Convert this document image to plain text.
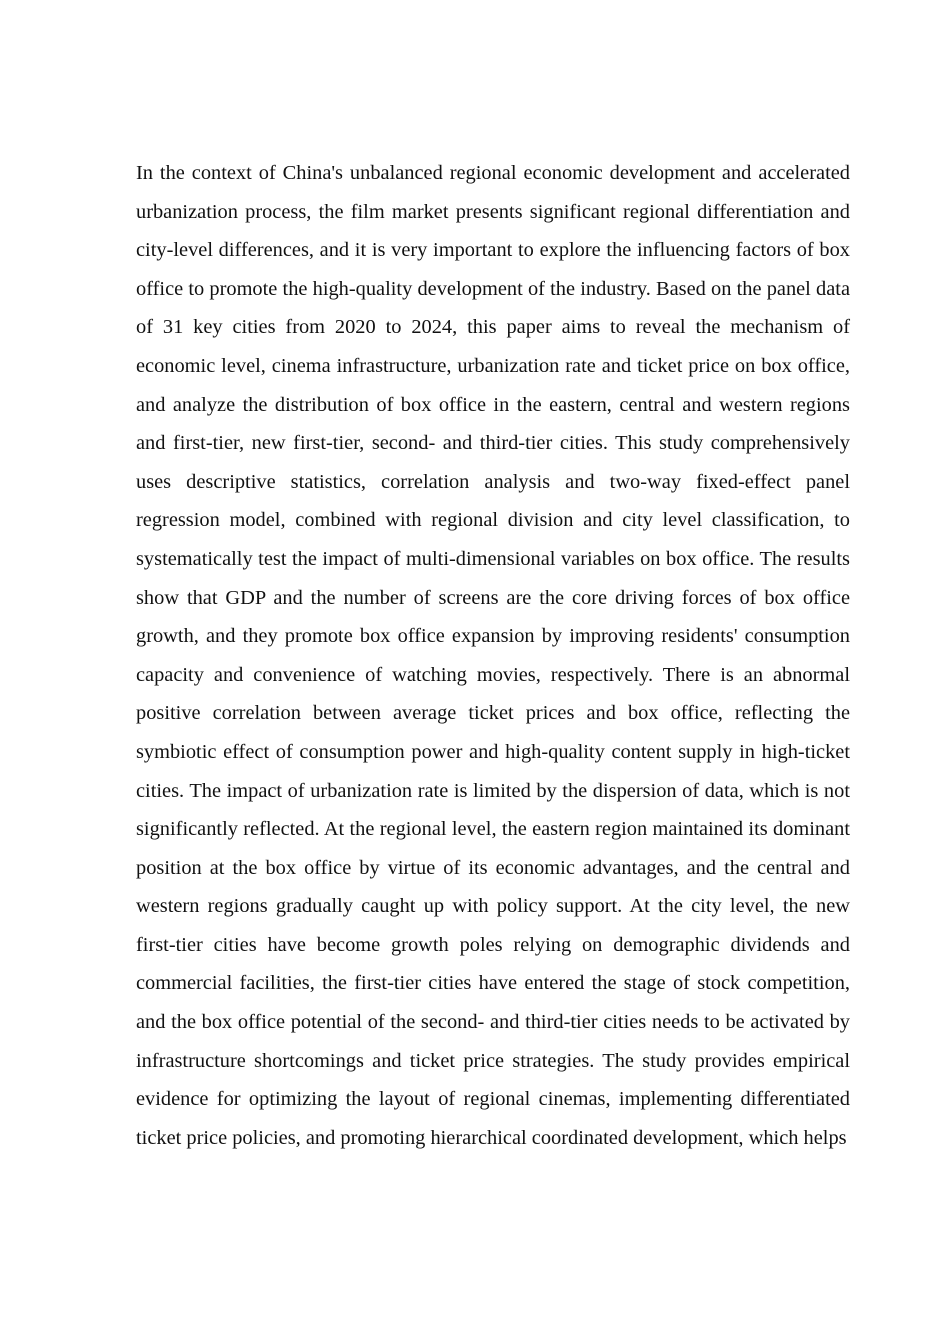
In the context of China's unbalanced regional economic development and accelerated urbanization process, the film market presents significant regional differentiation and city-level differences, and it is very important to explore the influencing factors of box office to promote the high-quality development of the industry. Based on the panel data of 31 key cities from 2020 to 2024, this paper aims to reveal the mechanism of economic level, cinema infrastructure, urbanization rate and ticket price on box office, and analyze the distribution of box office in the eastern, central and western regions and first-tier, new first-tier, second- and third-tier cities. This study comprehensively uses descriptive statistics, correlation analysis and two-way fixed-effect panel regression model, combined with regional division and city level classification, to systematically test the impact of multi-dimensional variables on box office. The results show that GDP and the number of screens are the core driving forces of box office growth, and they promote box office expansion by improving residents' consumption capacity and convenience of watching movies, respectively. There is an abnormal positive correlation between average ticket prices and box office, reflecting the symbiotic effect of consumption power and high-quality content supply in high-ticket cities. The impact of urbanization rate is limited by the dispersion of data, which is not significantly reflected. At the regional level, the eastern region maintained its dominant position at the box office by virtue of its economic advantages, and the central and western regions gradually caught up with policy support. At the city level, the new first-tier cities have become growth poles relying on demographic dividends and commercial facilities, the first-tier cities have entered the stage of stock competition, and the box office potential of the second- and third-tier cities needs to be activated by infrastructure shortcomings and ticket price strategies. The study provides empirical evidence for optimizing the layout of regional cinemas, implementing differentiated ticket price policies, and promoting hierarchical coordinated development, which helps
